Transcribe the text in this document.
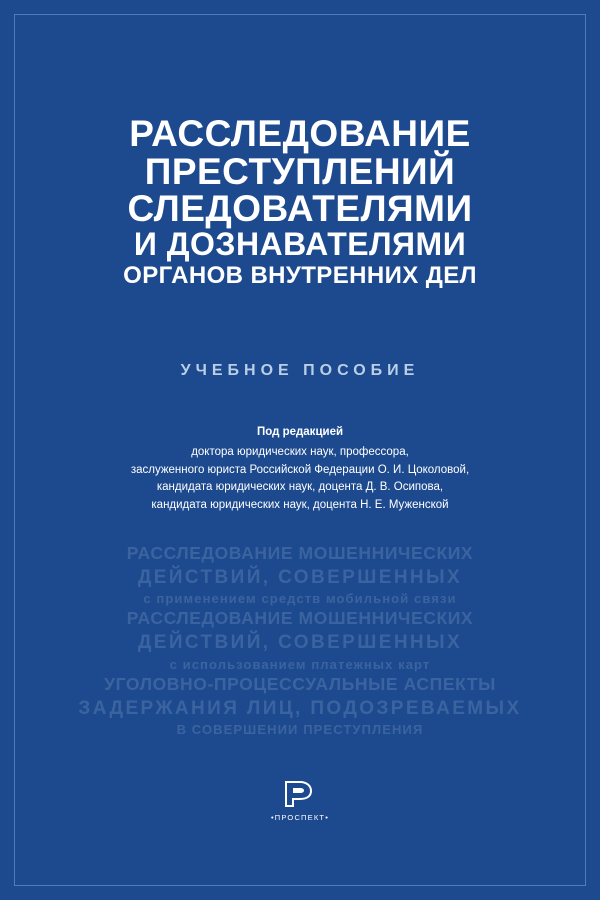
РАССЛЕДОВАНИЕ
ПРЕСТУПЛЕНИЙ
СЛЕДОВАТЕЛЯМИ
И ДОЗНАВАТЕЛЯМИ
ОРГАНОВ ВНУТРЕННИХ ДЕЛ
УЧЕБНОЕ ПОСОБИЕ
Под редакцией
доктора юридических наук, профессора,
заслуженного юриста Российской Федерации О. И. Цоколовой,
кандидата юридических наук, доцента Д. В. Осипова,
кандидата юридических наук, доцента Н. Е. Муженской
РАССЛЕДОВАНИЕ МОШЕННИЧЕСКИХ
ДЕЙСТВИЙ, СОВЕРШЕННЫХ
с применением средств мобильной связи
РАССЛЕДОВАНИЕ МОШЕННИЧЕСКИХ
ДЕЙСТВИЙ, СОВЕРШЕННЫХ
с использованием платежных карт
УГОЛОВНО-ПРОЦЕССУАЛЬНЫЕ АСПЕКТЫ
ЗАДЕРЖАНИЯ ЛИЦ, ПОДОЗРЕВАЕМЫХ
В СОВЕРШЕНИИ ПРЕСТУПЛЕНИЯ
•ПРОСПЕКТ•
